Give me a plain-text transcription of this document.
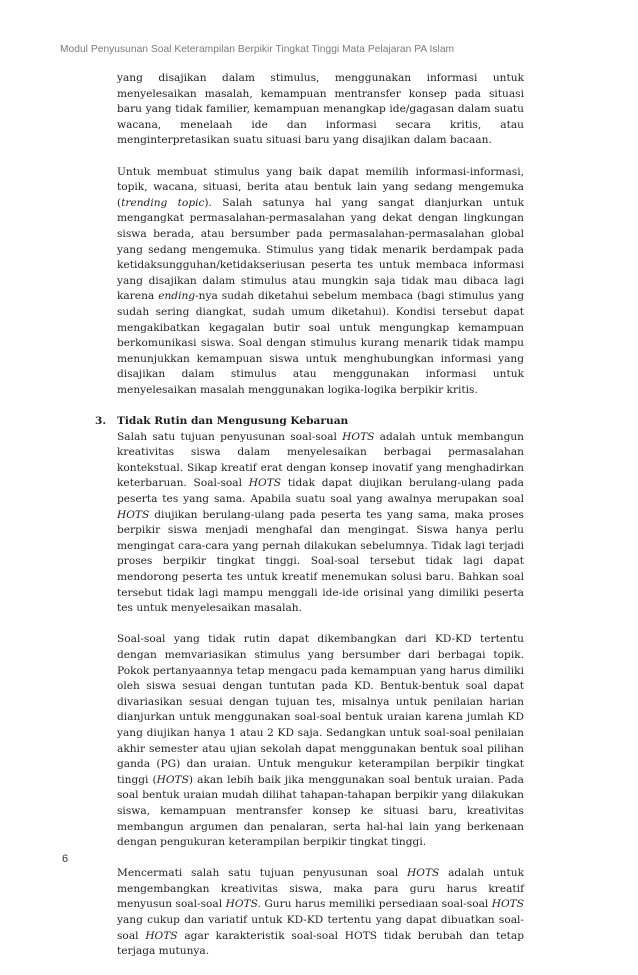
Modul Penyusunan Soal Keterampilan Berpikir Tingkat Tinggi Mata Pelajaran PA Islam

yang disajikan dalam stimulus, menggunakan informasi untuk menyelesaikan masalah, kemampuan mentransfer konsep pada situasi baru yang tidak familier, kemampuan menangkap ide/gagasan dalam suatu wacana, menelaah ide dan informasi secara kritis, atau menginterpretasikan suatu situasi baru yang disajikan dalam bacaan.

Untuk membuat stimulus yang baik dapat memilih informasi-informasi, topik, wacana, situasi, berita atau bentuk lain yang sedang mengemuka (trending topic). Salah satunya hal yang sangat dianjurkan untuk mengangkat permasalahan-permasalahan yang dekat dengan lingkungan siswa berada, atau bersumber pada permasalahan-permasalahan global yang sedang mengemuka. Stimulus yang tidak menarik berdampak pada ketidaksungguhan/ketidakseriusan peserta tes untuk membaca informasi yang disajikan dalam stimulus atau mungkin saja tidak mau dibaca lagi karena ending-nya sudah diketahui sebelum membaca (bagi stimulus yang sudah sering diangkat, sudah umum diketahui). Kondisi tersebut dapat mengakibatkan kegagalan butir soal untuk mengungkap kemampuan berkomunikasi siswa. Soal dengan stimulus kurang menarik tidak mampu menunjukkan kemampuan siswa untuk menghubungkan informasi yang disajikan dalam stimulus atau menggunakan informasi untuk menyelesaikan masalah menggunakan logika-logika berpikir kritis.

3. Tidak Rutin dan Mengusung Kebaruan

Salah satu tujuan penyusunan soal-soal HOTS adalah untuk membangun kreativitas siswa dalam menyelesaikan berbagai permasalahan kontekstual. Sikap kreatif erat dengan konsep inovatif yang menghadirkan keterbaruan. Soal-soal HOTS tidak dapat diujikan berulang-ulang pada peserta tes yang sama. Apabila suatu soal yang awalnya merupakan soal HOTS diujikan berulang-ulang pada peserta tes yang sama, maka proses berpikir siswa menjadi menghafal dan mengingat. Siswa hanya perlu mengingat cara-cara yang pernah dilakukan sebelumnya. Tidak lagi terjadi proses berpikir tingkat tinggi. Soal-soal tersebut tidak lagi dapat mendorong peserta tes untuk kreatif menemukan solusi baru. Bahkan soal tersebut tidak lagi mampu menggali ide-ide orisinal yang dimiliki peserta tes untuk menyelesaikan masalah.

Soal-soal yang tidak rutin dapat dikembangkan dari KD-KD tertentu dengan memvariasikan stimulus yang bersumber dari berbagai topik. Pokok pertanyaannya tetap mengacu pada kemampuan yang harus dimiliki oleh siswa sesuai dengan tuntutan pada KD. Bentuk-bentuk soal dapat divariasikan sesuai dengan tujuan tes, misalnya untuk penilaian harian dianjurkan untuk menggunakan soal-soal bentuk uraian karena jumlah KD yang diujikan hanya 1 atau 2 KD saja. Sedangkan untuk soal-soal penilaian akhir semester atau ujian sekolah dapat menggunakan bentuk soal pilihan ganda (PG) dan uraian. Untuk mengukur keterampilan berpikir tingkat tinggi (HOTS) akan lebih baik jika menggunakan soal bentuk uraian. Pada soal bentuk uraian mudah dilihat tahapan-tahapan berpikir yang dilakukan siswa, kemampuan mentransfer konsep ke situasi baru, kreativitas membangun argumen dan penalaran, serta hal-hal lain yang berkenaan dengan pengukuran keterampilan berpikir tingkat tinggi.

Mencermati salah satu tujuan penyusunan soal HOTS adalah untuk mengembangkan kreativitas siswa, maka para guru harus kreatif menyusun soal-soal HOTS. Guru harus memiliki persediaan soal-soal HOTS yang cukup dan variatif untuk KD-KD tertentu yang dapat dibuatkan soal-soal HOTS agar karakteristik soal-soal HOTS tidak berubah dan tetap terjaga mutunya.

6
